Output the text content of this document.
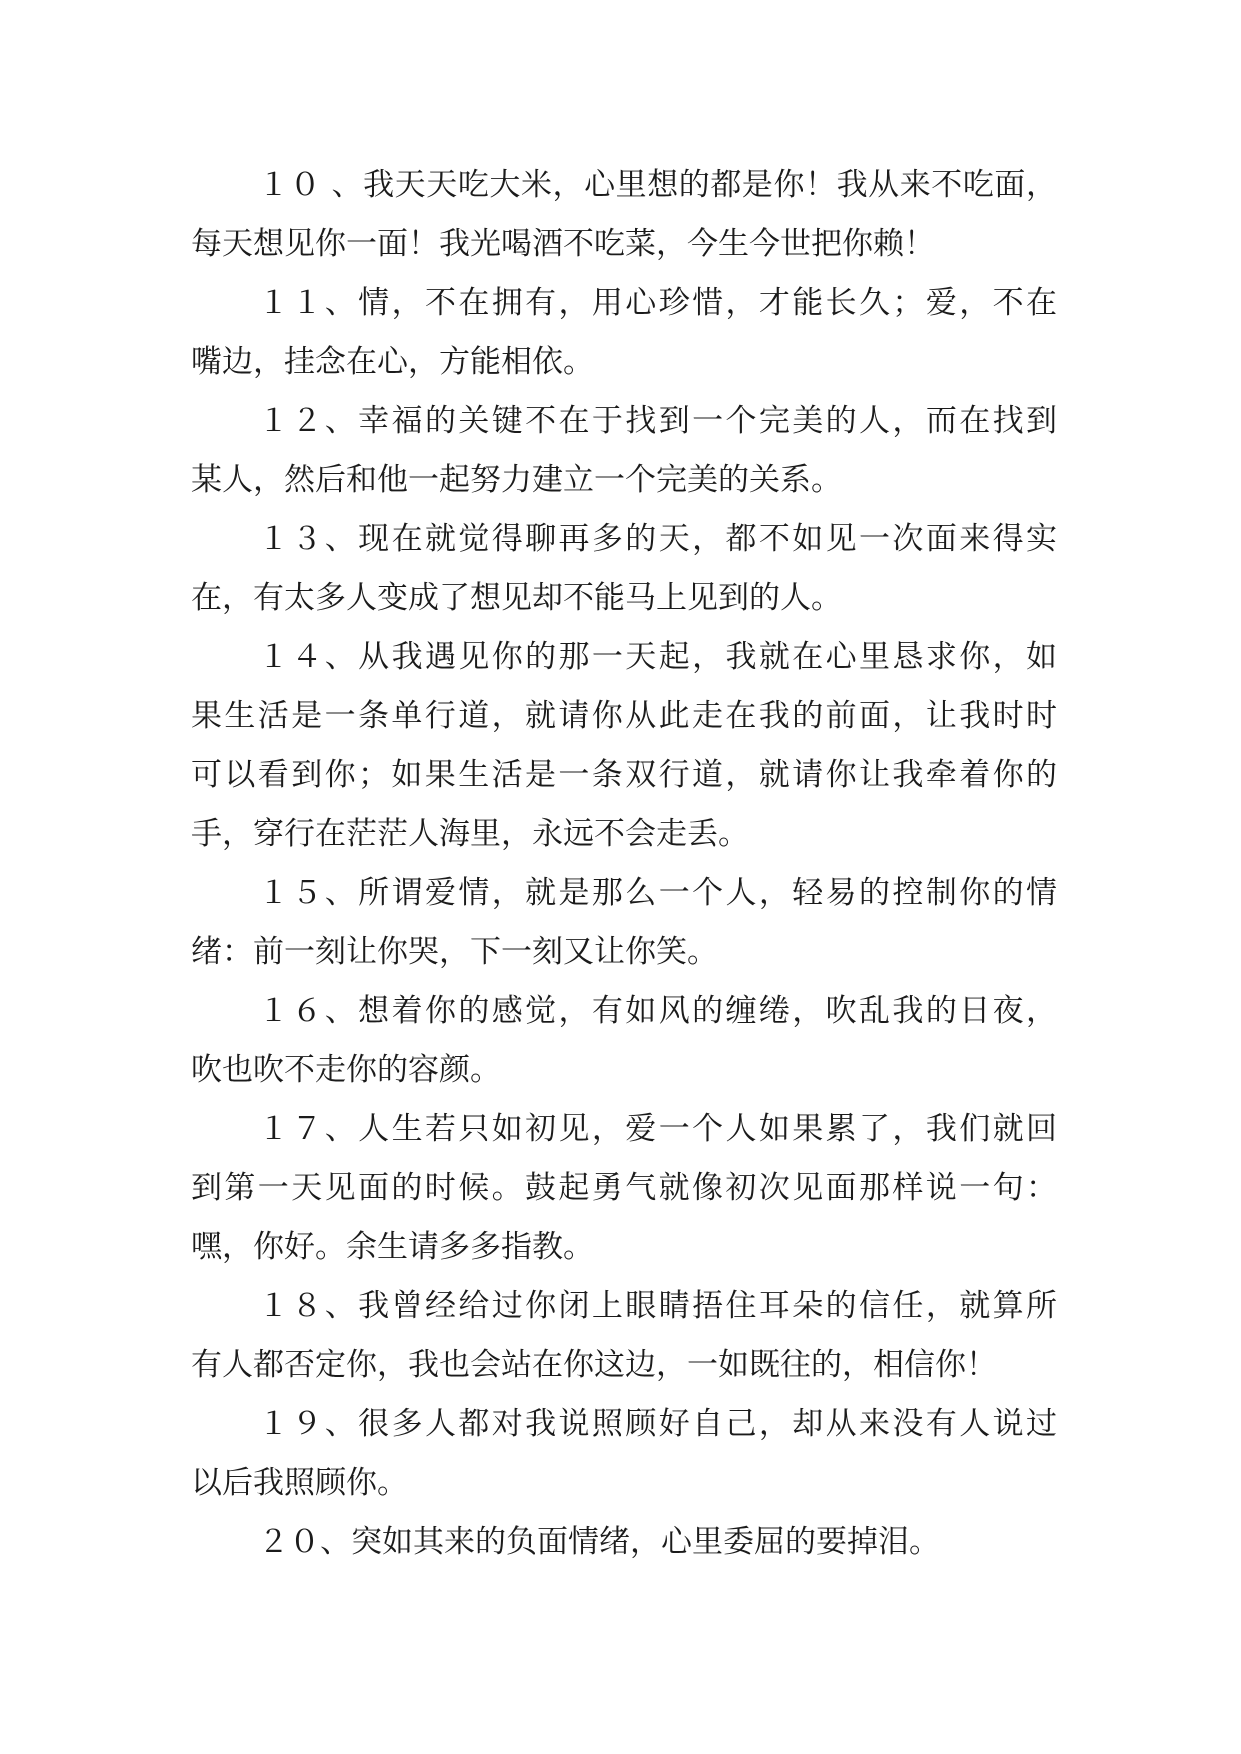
１０ 、我天天吃大米，心里想的都是你！我从来不吃面，
每天想见你一面！我光喝酒不吃菜，今生今世把你赖！
１１、情，不在拥有，用心珍惜，才能长久；爱，不在
嘴边，挂念在心，方能相依。
１２、幸福的关键不在于找到一个完美的人，而在找到
某人，然后和他一起努力建立一个完美的关系。
１３、现在就觉得聊再多的天，都不如见一次面来得实
在，有太多人变成了想见却不能马上见到的人。
１４、从我遇见你的那一天起，我就在心里恳求你，如
果生活是一条单行道，就请你从此走在我的前面，让我时时
可以看到你；如果生活是一条双行道，就请你让我牵着你的
手，穿行在茫茫人海里，永远不会走丢。
１５、所谓爱情，就是那么一个人，轻易的控制你的情
绪：前一刻让你哭，下一刻又让你笑。
１６、想着你的感觉，有如风的缠绻，吹乱我的日夜，
吹也吹不走你的容颜。
１７、人生若只如初见，爱一个人如果累了，我们就回
到第一天见面的时候。鼓起勇气就像初次见面那样说一句：
嘿，你好。余生请多多指教。
１８、我曾经给过你闭上眼睛捂住耳朵的信任，就算所
有人都否定你，我也会站在你这边，一如既往的，相信你！
１９、很多人都对我说照顾好自己，却从来没有人说过
以后我照顾你。
２０、突如其来的负面情绪，心里委屈的要掉泪。
